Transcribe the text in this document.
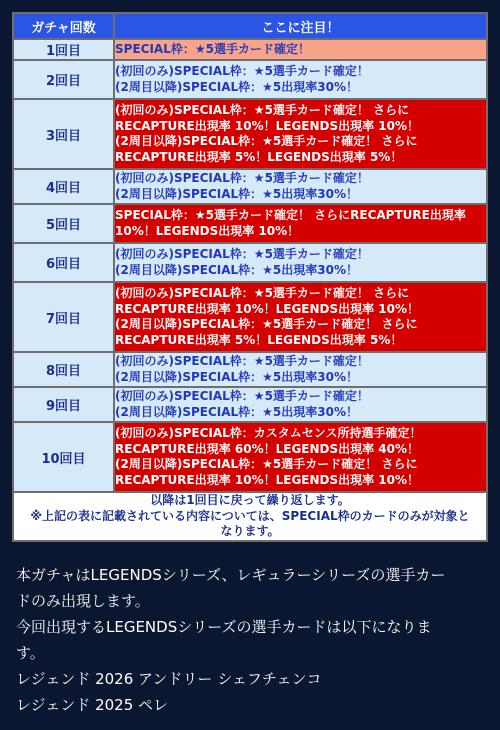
ガチャ回数	ここに注目！
1回目	SPECIAL枠：★5選手カード確定！

2回目	(初回のみ)SPECIAL枠：★5選手カード確定！
(2周目以降)SPECIAL枠：★5出現率30%！

3回目	(初回のみ)SPECIAL枠：★5選手カード確定！ さらに
RECAPTURE出現率 10%！LEGENDS出現率 10%！
(2周目以降)SPECIAL枠：★5選手カード確定！ さらに
RECAPTURE出現率 5%！LEGENDS出現率 5%！

4回目	(初回のみ)SPECIAL枠：★5選手カード確定！
(2周目以降)SPECIAL枠：★5出現率30%！

5回目	SPECIAL枠：★5選手カード確定！ さらにRECAPTURE出現率
10%！LEGENDS出現率 10%！

6回目	(初回のみ)SPECIAL枠：★5選手カード確定！
(2周目以降)SPECIAL枠：★5出現率30%！

7回目	(初回のみ)SPECIAL枠：★5選手カード確定！ さらに
RECAPTURE出現率 10%！LEGENDS出現率 10%！
(2周目以降)SPECIAL枠：★5選手カード確定！ さらに
RECAPTURE出現率 5%！LEGENDS出現率 5%！

8回目	(初回のみ)SPECIAL枠：★5選手カード確定！
(2周目以降)SPECIAL枠：★5出現率30%！

9回目	(初回のみ)SPECIAL枠：★5選手カード確定！
(2周目以降)SPECIAL枠：★5出現率30%！

10回目	(初回のみ)SPECIAL枠：カスタムセンス所持選手確定！
RECAPTURE出現率 60%！LEGENDS出現率 40%！
(2周目以降)SPECIAL枠：★5選手カード確定！ さらに
RECAPTURE出現率 10%！LEGENDS出現率 10%！

以降は1回目に戻って繰り返します。
※上記の表に記載されている内容については、SPECIAL枠のカードのみが対象と
なります。	

本ガチャはLEGENDSシリーズ、レギュラーシリーズの選手カー

ドのみ出現します。

今回出現するLEGENDSシリーズの選手カードは以下になりま

す。

レジェンド 2026 アンドリー シェフチェンコ

レジェンド 2025 ペレ
